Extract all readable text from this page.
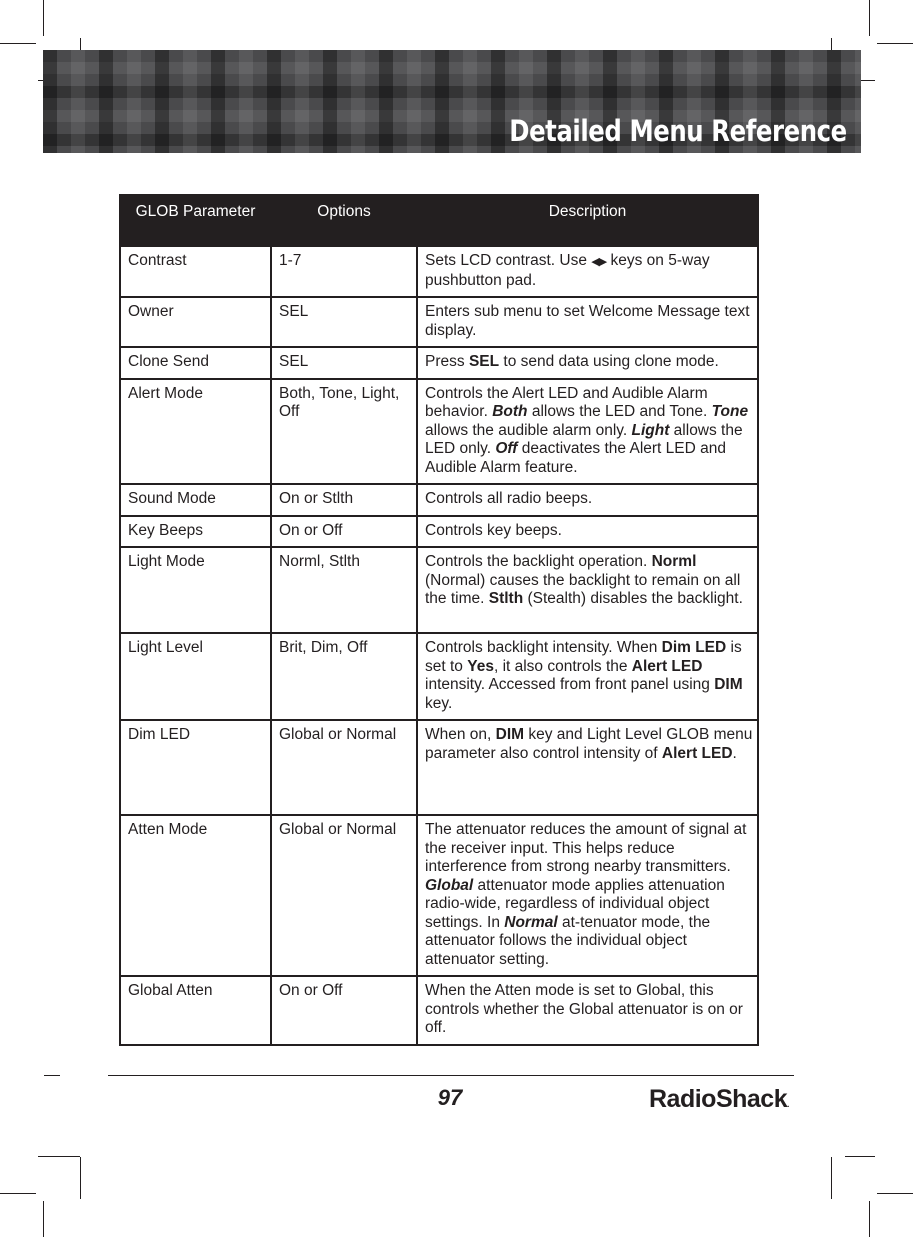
Detailed Menu Reference
GLOB Parameter	Options	Description
Contrast	1-7	Sets LCD contrast. Use ◀▶ keys on 5-way pushbutton pad.
Owner	SEL	Enters sub menu to set Welcome Message text display.
Clone Send	SEL	Press SEL to send data using clone mode.
Alert Mode	Both, Tone, Light, Off	Controls the Alert LED and Audible Alarm behavior. Both allows the LED and Tone. Tone allows the audible alarm only. Light allows the LED only. Off deactivates the Alert LED and Audible Alarm feature.
Sound Mode	On or Stlth	Controls all radio beeps.
Key Beeps	On or Off	Controls key beeps.
Light Mode	Norml, Stlth	Controls the backlight operation. Norml (Normal) causes the backlight to remain on all the time. Stlth (Stealth) disables the backlight.
Light Level	Brit, Dim, Off	Controls backlight intensity. When Dim LED is set to Yes, it also controls the Alert LED intensity. Accessed from front panel using DIM key.
Dim LED	Global or Normal	When on, DIM key and Light Level GLOB menu parameter also control intensity of Alert LED.
Atten Mode	Global or Normal	The attenuator reduces the amount of signal at the receiver input. This helps reduce interference from strong nearby transmitters. Global attenuator mode applies attenuation radio-wide, regardless of individual object settings. In Normal at-tenuator mode, the attenuator follows the individual object attenuator setting.
Global Atten	On or Off	When the Atten mode is set to Global, this controls whether the Global attenuator is on or off.
97	RadioShack.
